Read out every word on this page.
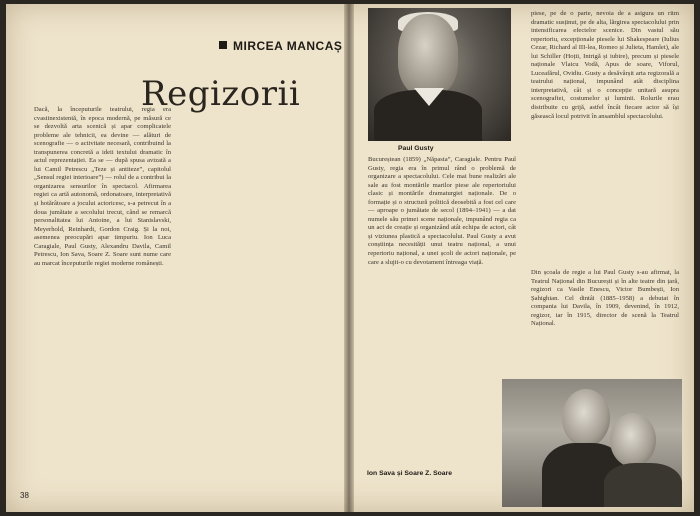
MIRCEA MANCAȘ
Regizorii

Dacă, la începuturile teatrului, regia era cvasiinexistentă, în epoca modernă, pe măsură ce se dezvoltă arta scenică și apar complicatele probleme ale tehnicii, ea devine — alături de scenografie — o activitate necesară, contribuind la transpunerea concretă a ideii textului dramatic în actul reprezentației. Ea se — după spusa avizată a lui Camil Petrescu „Teze și antiteze”, capitolul „Sensul regiei interioare”) — rolul de a contribui la organizarea sensurilor în spectacol. Afirmarea regiei ca artă autonomă, ordonatoare, interpretativă și hotărâtoare a jocului actoricesc, s-a petrecut în a doua jumătate a secolului trecut, când se remarcă personalitatea lui Antoine, a lui Stanislavski, Meyerhold, Reinhardt, Gordon Craig. Și la noi, asemenea preocupări apar timpuriu. Ion Luca Caragiale, Paul Gusty, Alexandru Davila, Camil Petrescu, Ion Sava, Soare Z. Soare sunt nume care au marcat începuturile regiei moderne românești.

38
Paul Gusty

Bucureștean (1859) „Năpasta”, Caragiale. Pentru Paul Gusty, regia era în primul rând o problemă de organizare a spectacolului. Cele mai bune realizări ale sale au fost montările marilor piese ale repertoriului clasic și montările dramaturgiei naționale. De o formație și o structură politică deosebită a fost cel care — aproape o jumătate de secol (1894–1941) — a dat numele său primei scene naționale, impunând regia ca un act de creație și organizând atât echipa de actori, cât și viziunea plastică a spectacolului. Paul Gusty a avut conștiința necesității unui teatru național, a unui repertoriu național, a unei școli de actori naționale, pe care a slujit-o cu devotament întreaga viață.

piese, pe de o parte, nevoia de a asigura un ritm dramatic susținut, pe de alta, lărgirea spectacolului prin intensificarea efectelor scenice. Din vastul său repertoriu, excepționale piesele lui Shakespeare (Iulius Cezar, Richard al III-lea, Romeo și Julieta, Hamlet), ale lui Schiller (Hoții, Intrigă și iubire), precum și piesele naționale Vlaicu Vodă, Apus de soare, Viforul, Luceafărul, Ovidiu. Gusty a desăvârșit arta regizorală a teatrului național, impunând atât disciplina interpretativă, cât și o concepție unitară asupra scenografiei, costumelor și luminii. Rolurile erau distribuite cu grijă, astfel încât fiecare actor să își găsească locul potrivit în ansamblul spectacolului.

Din școala de regie a lui Paul Gusty s-au afirmat, la Teatrul Național din București și în alte teatre din țară, regizori ca Vasile Enescu, Victor Bumbești, Ion Șahighian. Cel dintâi (1885–1958) a debutat în compania lui Davila, în 1909, devenind, în 1912, regizor, iar în 1915, director de scenă la Teatrul Național.

Ion Sava și Soare Z. Soare
